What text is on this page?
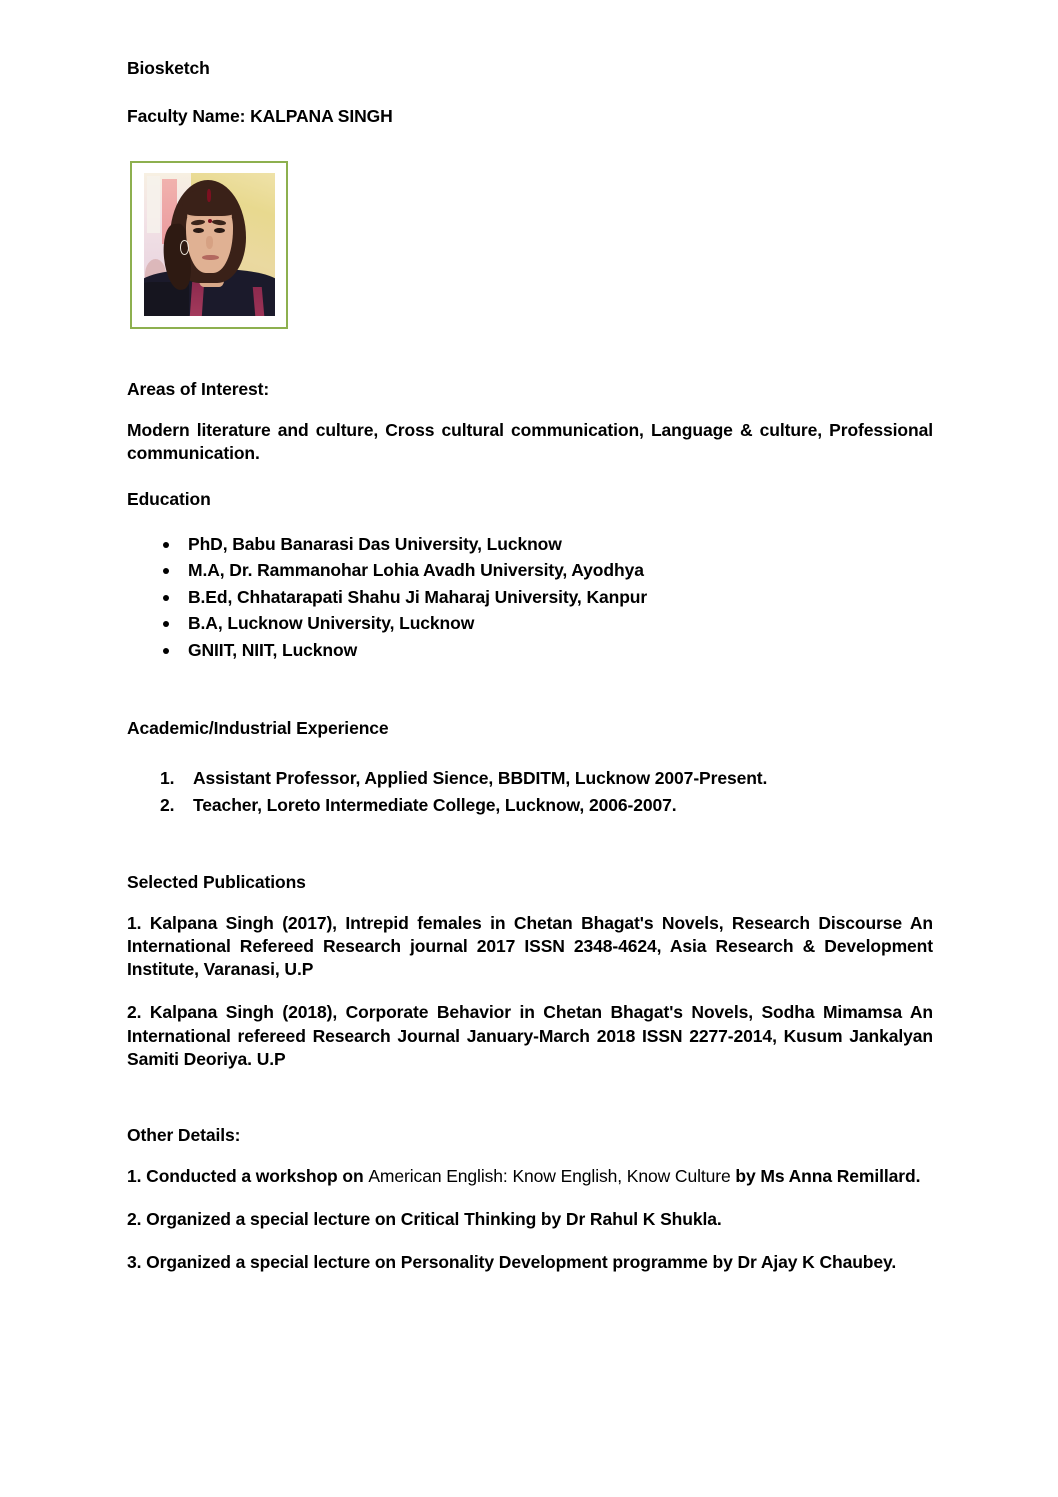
Biosketch
Faculty Name: KALPANA SINGH
Areas of Interest:

Modern literature and culture, Cross cultural communication, Language & culture, Professional communication.

Education
PhD, Babu Banarasi Das University, Lucknow
M.A, Dr. Rammanohar Lohia Avadh University, Ayodhya
B.Ed, Chhatarapati Shahu Ji Maharaj University, Kanpur
B.A, Lucknow University, Lucknow
GNIIT, NIIT, Lucknow
Academic/Industrial Experience
Assistant Professor, Applied Sience, BBDITM, Lucknow 2007-Present.
Teacher, Loreto Intermediate College, Lucknow, 2006-2007.
Selected Publications

1. Kalpana Singh (2017), Intrepid females in Chetan Bhagat's Novels, Research Discourse An International Refereed Research journal 2017 ISSN 2348-4624, Asia Research & Development Institute, Varanasi, U.P

2. Kalpana Singh (2018), Corporate Behavior in Chetan Bhagat's Novels, Sodha Mimamsa An International refereed Research Journal January-March 2018 ISSN 2277-2014, Kusum Jankalyan Samiti Deoriya. U.P

Other Details:

1. Conducted a workshop on American English: Know English, Know Culture by Ms Anna Remillard.

2. Organized a special lecture on Critical Thinking by Dr Rahul K Shukla.

3. Organized a special lecture on Personality Development programme by Dr Ajay K Chaubey.
